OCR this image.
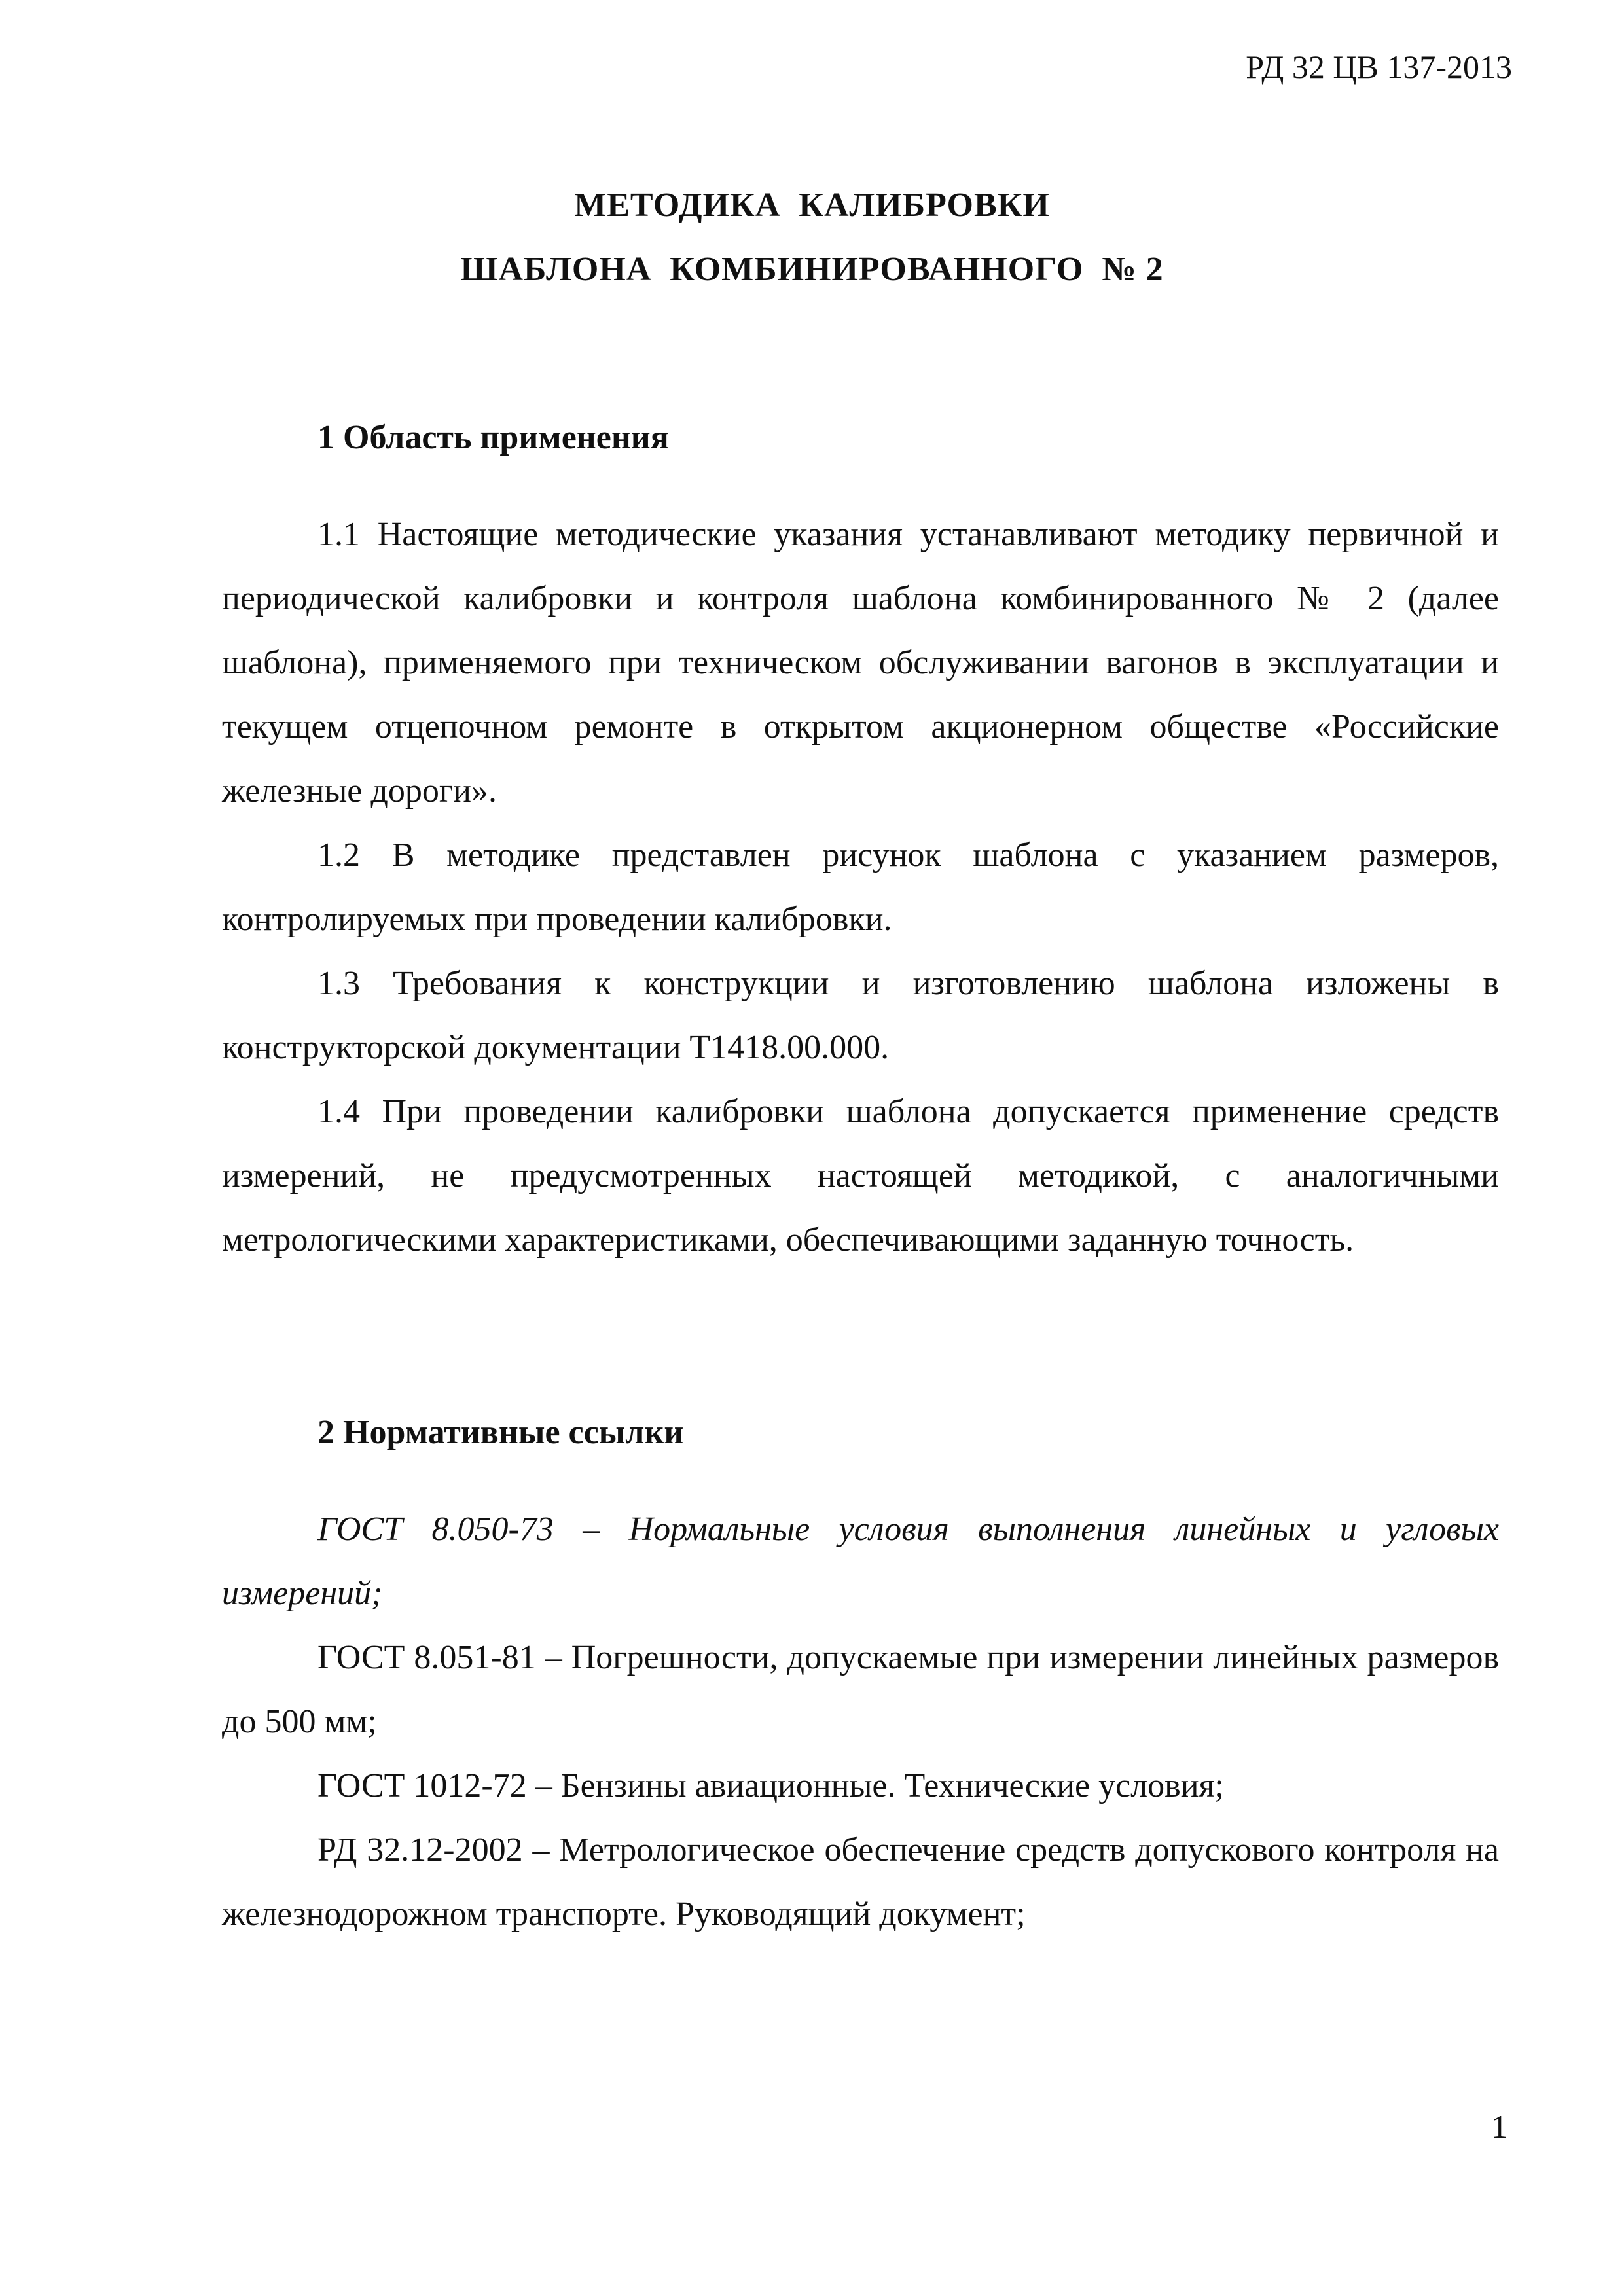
РД 32 ЦВ 137-2013
МЕТОДИКА  КАЛИБРОВКИ
ШАБЛОНА  КОМБИНИРОВАННОГО  № 2

1 Область применения

1.1 Настоящие методические указания устанавливают методику первичной и периодической калибровки и контроля шаблона комбинированного № 2 (далее шаблона), применяемого при техническом обслуживании вагонов в эксплуатации и текущем отцепочном ремонте в открытом акционерном обществе «Российские железные дороги».

1.2 В методике представлен рисунок шаблона с указанием размеров, контролируемых при проведении калибровки.

1.3 Требования к конструкции и изготовлению шаблона изложены в конструкторской документации Т1418.00.000.

1.4 При проведении калибровки шаблона допускается применение средств измерений, не предусмотренных настоящей методикой, с аналогичными метрологическими характеристиками, обеспечивающими заданную точность.

2 Нормативные ссылки

ГОСТ 8.050-73 – Нормальные условия выполнения линейных и угловых измерений;

ГОСТ 8.051-81 – Погрешности, допускаемые при измерении линейных размеров до 500 мм;

ГОСТ 1012-72 – Бензины авиационные. Технические условия;

РД 32.12-2002 – Метрологическое обеспечение средств допускового контроля на железнодорожном транспорте. Руководящий документ;

1
